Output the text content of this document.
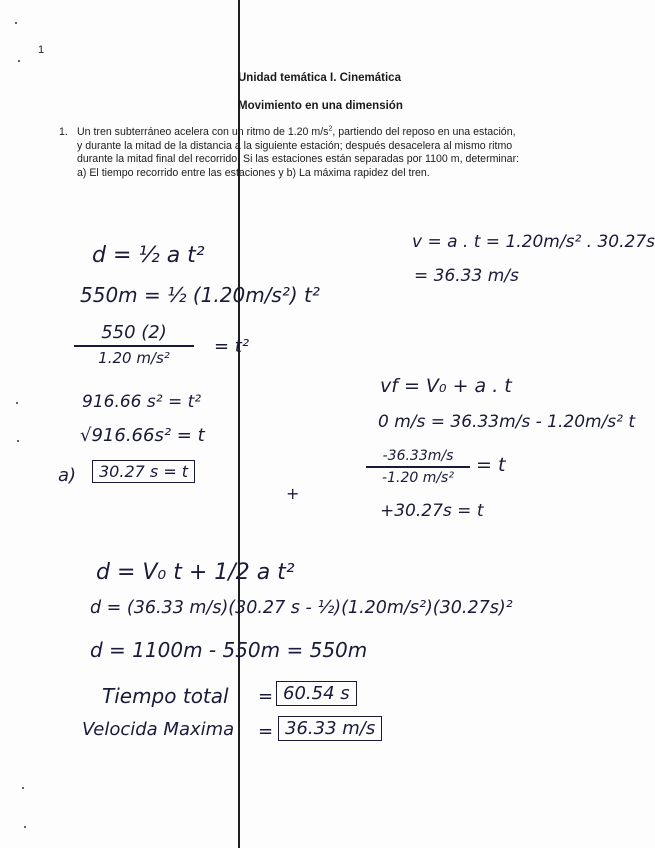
1
Unidad temática I. Cinemática
Movimiento en una dimensión
1. Un tren subterráneo acelera con un ritmo de 1.20 $m/s^2$, partiendo del reposo en una estación,
y durante la mitad de la distancia a la siguiente estación; después desacelera al mismo ritmo
durante la mitad final del recorrido. Si las estaciones están separadas por 1100 m, determinar:
a) El tiempo recorrido entre las estaciones y b) La máxima rapidez del tren.
d = ½ a t²
550m = ½ (1.20m/s²) t²
550 (2)
1.20 m/s²
= t²
916.66 s² = t²
√916.66s² = t
a)	30.27 s = t
v = a . t = 1.20m/s² . 30.27s
= 36.33 m/s
vf = V₀ + a . t
0 m/s = 36.33m/s - 1.20m/s² t
-36.33m/s
-1.20 m/s²
= t
+30.27s = t
+
d = V₀ t + 1/2 a t²
d = (36.33 m/s)(30.27 s - ½)(1.20m/s²)(30.27s)²
d = 1100m - 550m = 550m
Tiempo total = 60.54 s
Velocida Maxima = 36.33 m/s
